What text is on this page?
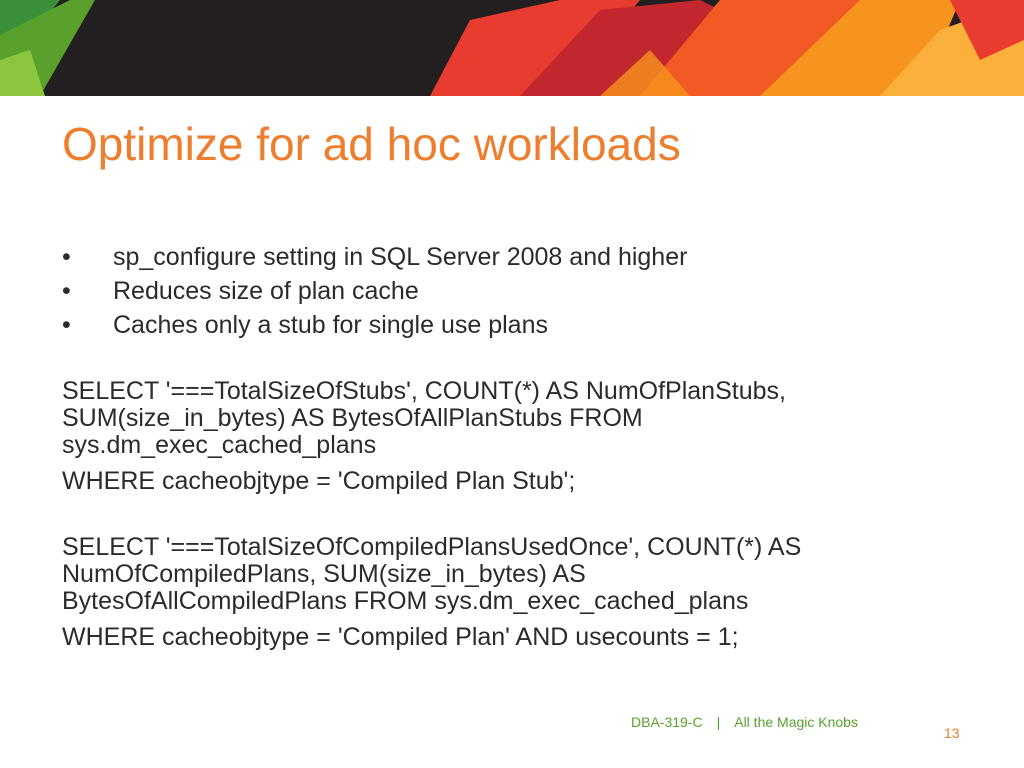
Optimize for ad hoc workloads
• sp_configure setting in SQL Server 2008 and higher
• Reduces size of plan cache
• Caches only a stub for single use plans
SELECT '===TotalSizeOfStubs', COUNT(*) AS NumOfPlanStubs,
SUM(size_in_bytes) AS BytesOfAllPlanStubs FROM
sys.dm_exec_cached_plans
WHERE cacheobjtype = 'Compiled Plan Stub';
SELECT '===TotalSizeOfCompiledPlansUsedOnce', COUNT(*) AS
NumOfCompiledPlans, SUM(size_in_bytes) AS
BytesOfAllCompiledPlans FROM sys.dm_exec_cached_plans
WHERE cacheobjtype = 'Compiled Plan' AND usecounts = 1;
DBA-319-C | All the Magic Knobs
13
